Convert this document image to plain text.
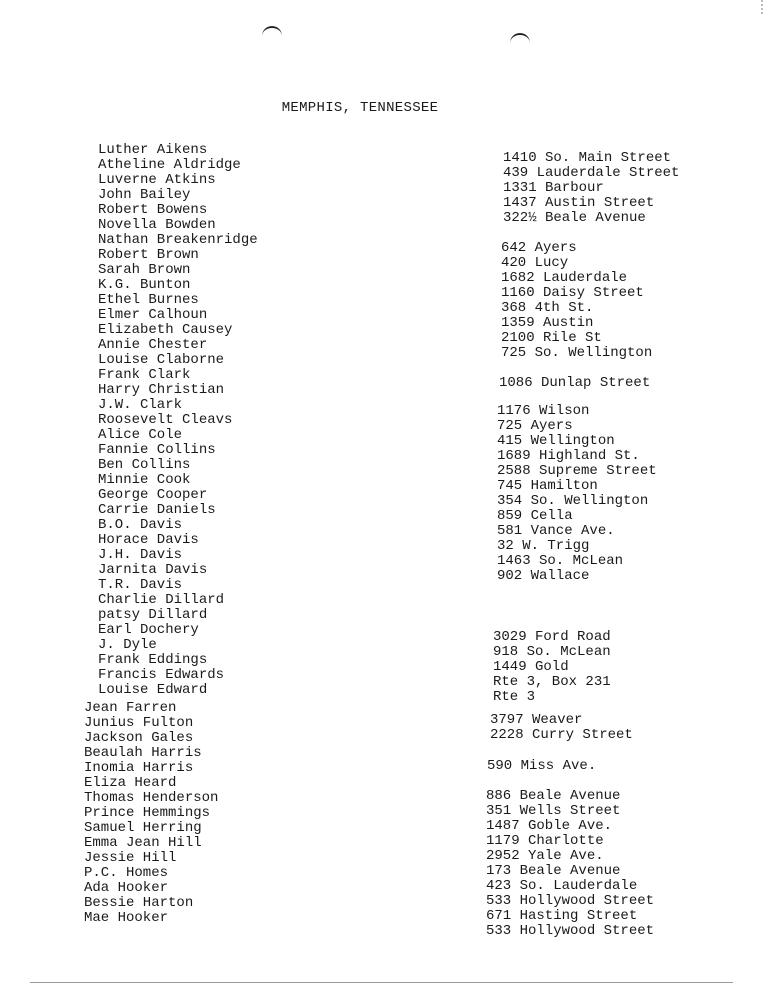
MEMPHIS, TENNESSEE
Luther Aikens
Atheline Aldridge
Luverne Atkins
John Bailey
Robert Bowens
Novella Bowden
Nathan Breakenridge
Robert Brown
Sarah Brown
K.G. Bunton
Ethel Burnes
Elmer Calhoun
Elizabeth Causey
Annie Chester
Louise Claborne
Frank Clark
Harry Christian
J.W. Clark
Roosevelt Cleavs
Alice Cole
Fannie Collins
Ben Collins
Minnie Cook
George Cooper
Carrie Daniels
B.O. Davis
Horace Davis
J.H. Davis
Jarnita Davis
T.R. Davis
Charlie Dillard
patsy Dillard
Earl Dochery
J. Dyle
Frank Eddings
Francis Edwards
Louise Edward
Jean Farren
Junius Fulton
Jackson Gales
Beaulah Harris
Inomia Harris
Eliza Heard
Thomas Henderson
Prince Hemmings
Samuel Herring
Emma Jean Hill
Jessie Hill
P.C. Homes
Ada Hooker
Bessie Harton
Mae Hooker
1410 So. Main Street
439 Lauderdale Street
1331 Barbour
1437 Austin Street
322½ Beale Avenue
642 Ayers
420 Lucy
1682 Lauderdale
1160 Daisy Street
368 4th St.
1359 Austin
2100 Rile St
725 So. Wellington
1086 Dunlap Street
1176 Wilson
725 Ayers
415 Wellington
1689 Highland St.
2588 Supreme Street
745 Hamilton
354 So. Wellington
859 Cella
581 Vance Ave.
32 W. Trigg
1463 So. McLean
902 Wallace
3029 Ford Road
918 So. McLean
1449 Gold
Rte 3, Box 231
Rte 3
3797 Weaver
2228 Curry Street
590 Miss Ave.
886 Beale Avenue
351 Wells Street
1487 Goble Ave.
1179 Charlotte
2952 Yale Ave.
173 Beale Avenue
423 So. Lauderdale
533 Hollywood Street
671 Hasting Street
533 Hollywood Street
